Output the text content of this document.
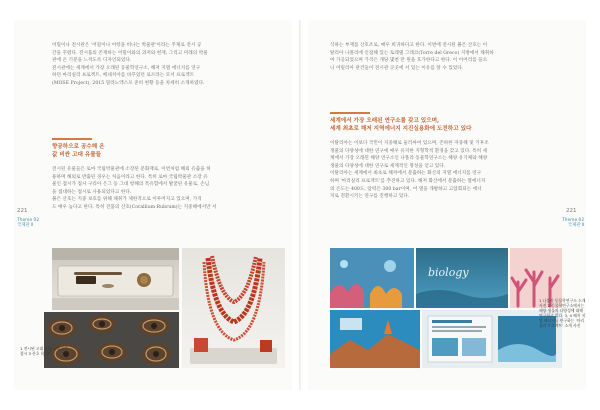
어릴이나 전시관은 '어릴이나 어항을 비나는 박물관'이라는 주제로 전시 공
간을 꾸렸다. 전시품의 존재하는 어릴이와의 과저와 현재, 그리고 미래의 박물
관에 온 기분을 느끼도록 디자인되었다.
전시관에는 세계에서 가장 오래된 동물학연구소, 해저 지열 에너지를 연구
하던 마리실리 프로젝트, 베네치아를 바꾸었던 로르라는 모서 프로젝트
(MOSE Project), 2015 밀라노엑스포 준비 현황 등을 차세히 소개하였다.
향공하으로 공수해 온
값 비싼 고대 유물들
전시된 유물들은 로마 국립박물관에 소장된 문화재로, 이번처럼 해외 유출을 허
용하며 해외로 반출된 경우는 처음이라고 한다. 특히 로마 국립박물관 소장 유
물인 접시가 접시 구리아 은그 등 그대 항해의 특유함에서 발굴된 유물로, 손님
을 접대하는 접시로 사용되었다고 한다.
붉은 산호는 지중 보호를 위해 채취가 제한적으로 이루어지고 있으며, 가격
도 매우 높다고 한다. 특히 진품의 산호(Corallium Rubrum)는 지중해에서만 서
221
Theme 02
국제관 Ⅱ
1 전시된 고대 유물 2 불고기
접시 3 산호 목걸이
식하는 부재를 산호조로, 매우 희귀하다고 한다. 이번에 전시된 붉은 산호는 이
탈리아 나폴리에 인접해 있는 토레델 그레코(Torre del Greco) 지방에서 채취하
여 가공되었으며 가격은 개당 몇천 만 원을 호가한다고 한다. 이 어어리를 들으
니 어릴리아 관건들이 전시관 곳곳에 서 있는 이유를 알 수 있었다.
세계에서 가장 오래된 연구소를 갖고 있으며,
세계 최초로 해저 지역에너지 지진실용화에 도전하고 있다
이탈리아는 이보다 국민이 지중해로 둘러싸여 있으며, 존하한 자중해 및 기후조
생물의 다양성에 대한 연구에 매우 유지한 지형학적 환경을 갖고 있다. 특히 세
계에서 가장 오래된 해양 연구소인 나폴리 동물학연구소는 해양 유기체와 해양
생물의 다양성에 대한 연구로 세계적인 명성을 얻고 있다.
이탈리아는 세계에서 최초로 해저에서 분출하는 화산의 지열 에너지를 연구
하며 '마리실리 프로젝트'를 추진하고 있다. 해저 화산에서 분출하는 열에너지
의 온도는 400도, 압력은 300 bar이며, 이 열을 개발하고 고압회되는 에너
지로 전환시키는 연구를 진행하고 있다.
221
Theme 02
국제관 Ⅱ
biology
1 나폴리 동물학연구소 소개
사진 2 동물학연구소에서는
해양 생물의 다양성에 대해
연구하고 있다. 3, 4 해저 지
열 에너지를 연구하는 '마리
실리 프로젝트' 소개 사진
